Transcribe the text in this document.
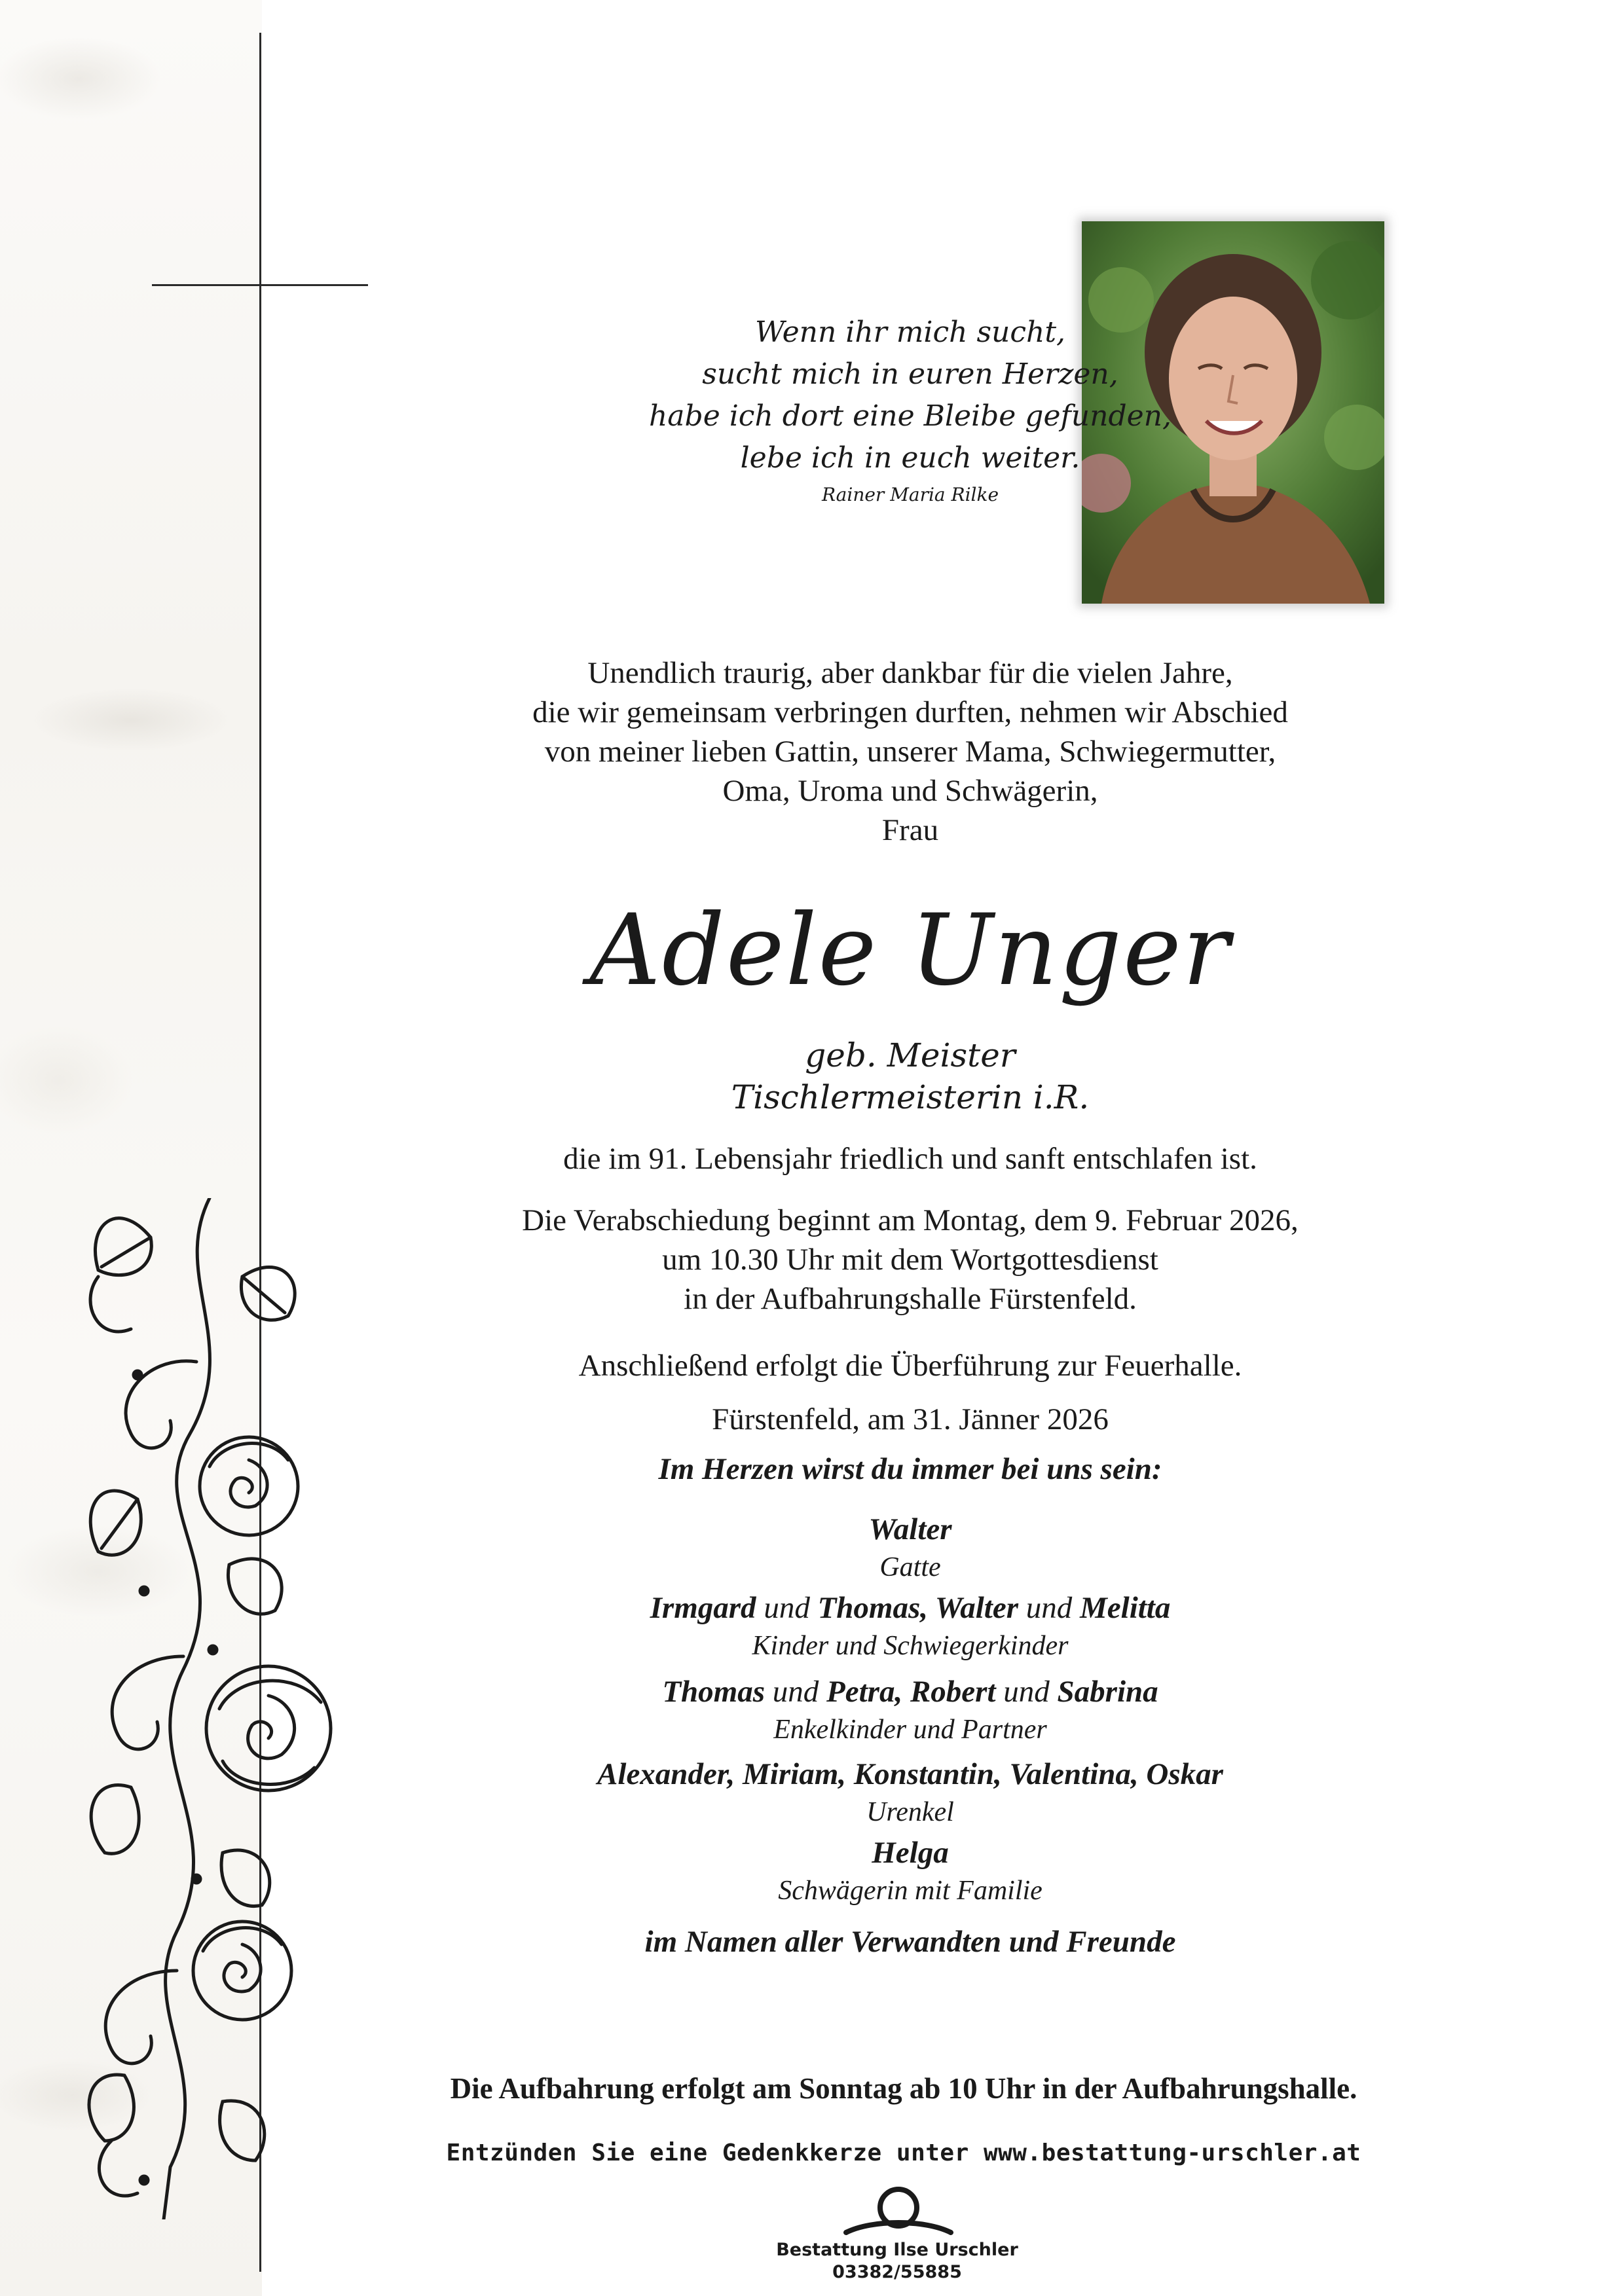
Wenn ihr mich sucht,
sucht mich in euren Herzen,
habe ich dort eine Bleibe gefunden,
lebe ich in euch weiter.
Rainer Maria Rilke
Unendlich traurig, aber dankbar für die vielen Jahre,
die wir gemeinsam verbringen durften, nehmen wir Abschied
von meiner lieben Gattin, unserer Mama, Schwiegermutter,
Oma, Uroma und Schwägerin,
Frau
Adele Unger
geb. Meister
Tischlermeisterin i.R.
die im 91. Lebensjahr friedlich und sanft entschlafen ist.
Die Verabschiedung beginnt am Montag, dem 9. Februar 2026,
um 10.30 Uhr mit dem Wortgottesdienst
in der Aufbahrungshalle Fürstenfeld.
Anschließend erfolgt die Überführung zur Feuerhalle.
Fürstenfeld, am 31. Jänner 2026
Im Herzen wirst du immer bei uns sein:
Walter
Gatte
Irmgard und Thomas, Walter und Melitta
Kinder und Schwiegerkinder
Thomas und Petra, Robert und Sabrina
Enkelkinder und Partner
Alexander, Miriam, Konstantin, Valentina, Oskar
Urenkel
Helga
Schwägerin mit Familie
im Namen aller Verwandten und Freunde
Die Aufbahrung erfolgt am Sonntag ab 10 Uhr in der Aufbahrungshalle.
Entzünden Sie eine Gedenkkerze unter www.bestattung-urschler.at
Bestattung Ilse Urschler
03382/55885
